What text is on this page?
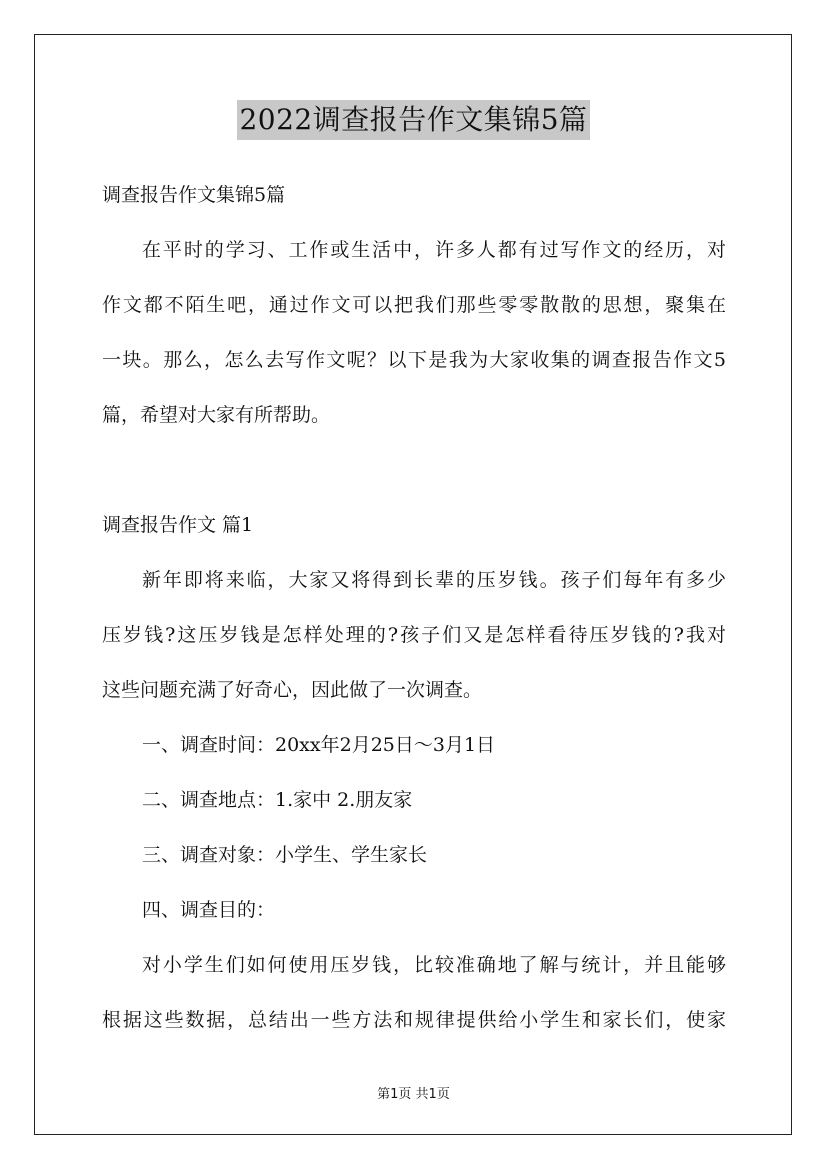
2022调查报告作文集锦5篇
调查报告作文集锦5篇
在平时的学习、工作或生活中，许多人都有过写作文的经历，对
作文都不陌生吧，通过作文可以把我们那些零零散散的思想，聚集在
一块。那么，怎么去写作文呢？以下是我为大家收集的调查报告作文5
篇，希望对大家有所帮助。
调查报告作文 篇1
新年即将来临，大家又将得到长辈的压岁钱。孩子们每年有多少
压岁钱?这压岁钱是怎样处理的?孩子们又是怎样看待压岁钱的?我对
这些问题充满了好奇心，因此做了一次调查。
一、调查时间：20xx年2月25日～3月1日
二、调查地点：1.家中 2.朋友家
三、调查对象：小学生、学生家长
四、调查目的：
对小学生们如何使用压岁钱，比较准确地了解与统计，并且能够
根据这些数据，总结出一些方法和规律提供给小学生和家长们，使家
第1页 共1页
